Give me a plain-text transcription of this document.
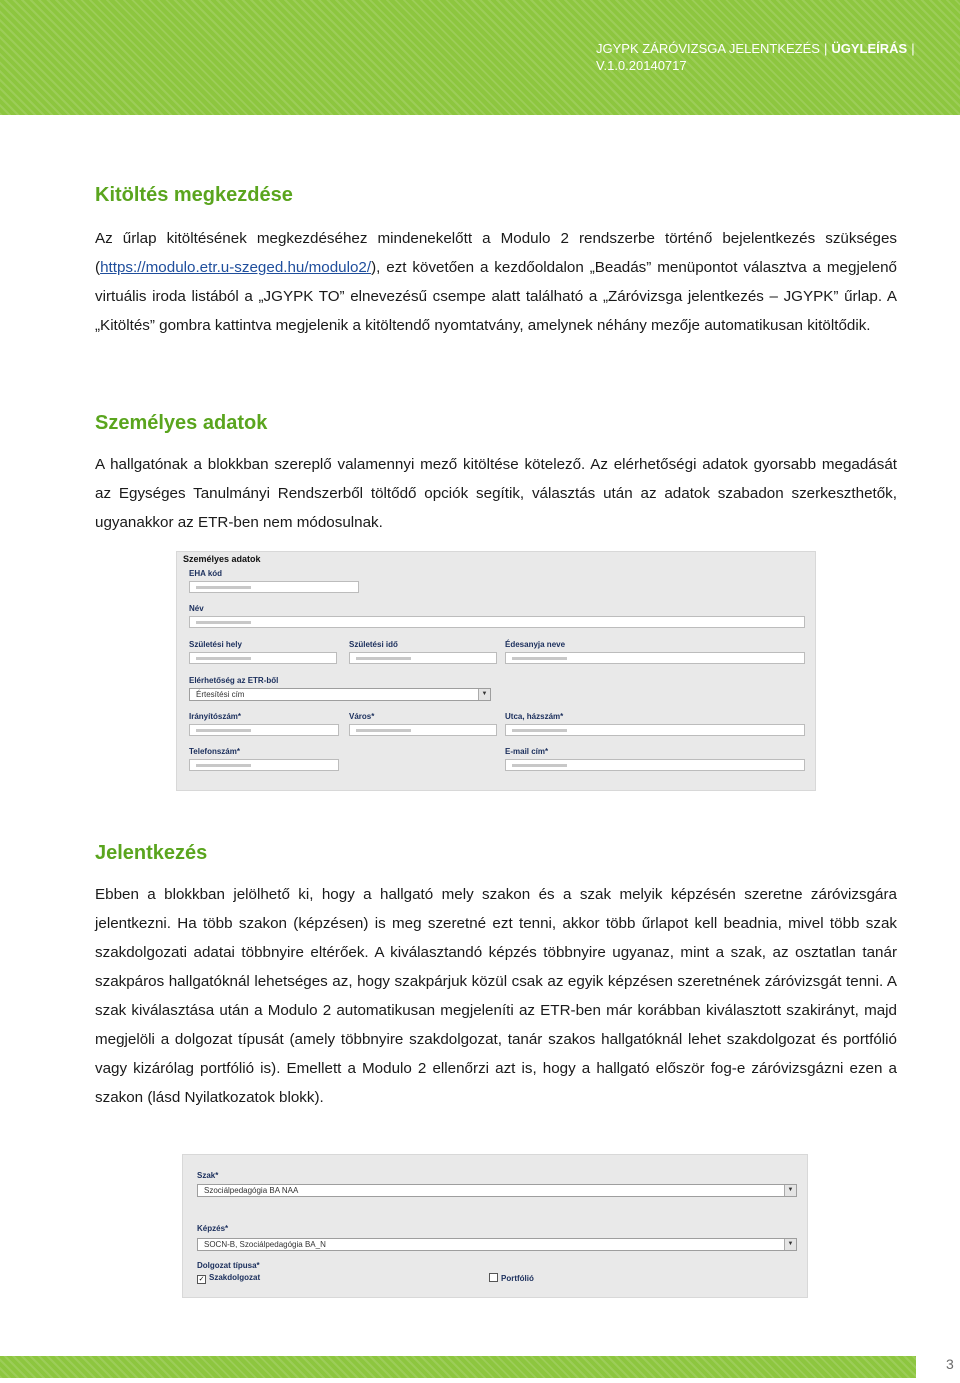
JGYPK ZÁRÓVIZSGA JELENTKEZÉS | ÜGYLEÍRÁS |
V.1.0.20140717
Kitöltés megkezdése

Az űrlap kitöltésének megkezdéséhez mindenekelőtt a Modulo 2 rendszerbe történő bejelentkezés szükséges (https://modulo.etr.u-szeged.hu/modulo2/), ezt követően a kezdőoldalon „Beadás” menüpontot választva a megjelenő virtuális iroda listából a „JGYPK TO” elnevezésű csempe alatt található a „Záróvizsga jelentkezés – JGYPK” űrlap. A „Kitöltés” gombra kattintva megjelenik a kitöltendő nyomtatvány, amelynek néhány mezője automatikusan kitöltődik.

Személyes adatok

A hallgatónak a blokkban szereplő valamennyi mező kitöltése kötelező. Az elérhetőségi adatok gyorsabb megadását az Egységes Tanulmányi Rendszerből töltődő opciók segítik, választás után az adatok szabadon szerkeszthetők, ugyanakkor az ETR-ben nem módosulnak.

Személyes adatok
EHA kód
Név
Születési hely	Születési idő	Édesanyja neve
Elérhetőség az ETR-ből
Értesítési cím	▼
Irányítószám*	Város*	Utca, házszám*
Telefonszám*	E-mail cím*
Jelentkezés

Ebben a blokkban jelölhető ki, hogy a hallgató mely szakon és a szak melyik képzésén szeretne záróvizsgára jelentkezni. Ha több szakon (képzésen) is meg szeretné ezt tenni, akkor több űrlapot kell beadnia, mivel több szak szakdolgozati adatai többnyire eltérőek. A kiválasztandó képzés többnyire ugyanaz, mint a szak, az osztatlan tanár szakpáros hallgatóknál lehetséges az, hogy szakpárjuk közül csak az egyik képzésen szeretnének záróvizsgát tenni. A szak kiválasztása után a Modulo 2 automatikusan megjeleníti az ETR-ben már korábban kiválasztott szakirányt, majd megjelöli a dolgozat típusát (amely többnyire szakdolgozat, tanár szakos hallgatóknál lehet szakdolgozat és portfólió vagy kizárólag portfólió is). Emellett a Modulo 2 ellenőrzi azt is, hogy a hallgató először fog-e záróvizsgázni ezen a szakon (lásd Nyilatkozatok blokk).

Szak*
Szociálpedagógia BA NAA	▼
Képzés*
SOCN-B, Szociálpedagógia BA_N	▼
Dolgozat típusa*
✓ Szakdolgozat	Portfólió
3
